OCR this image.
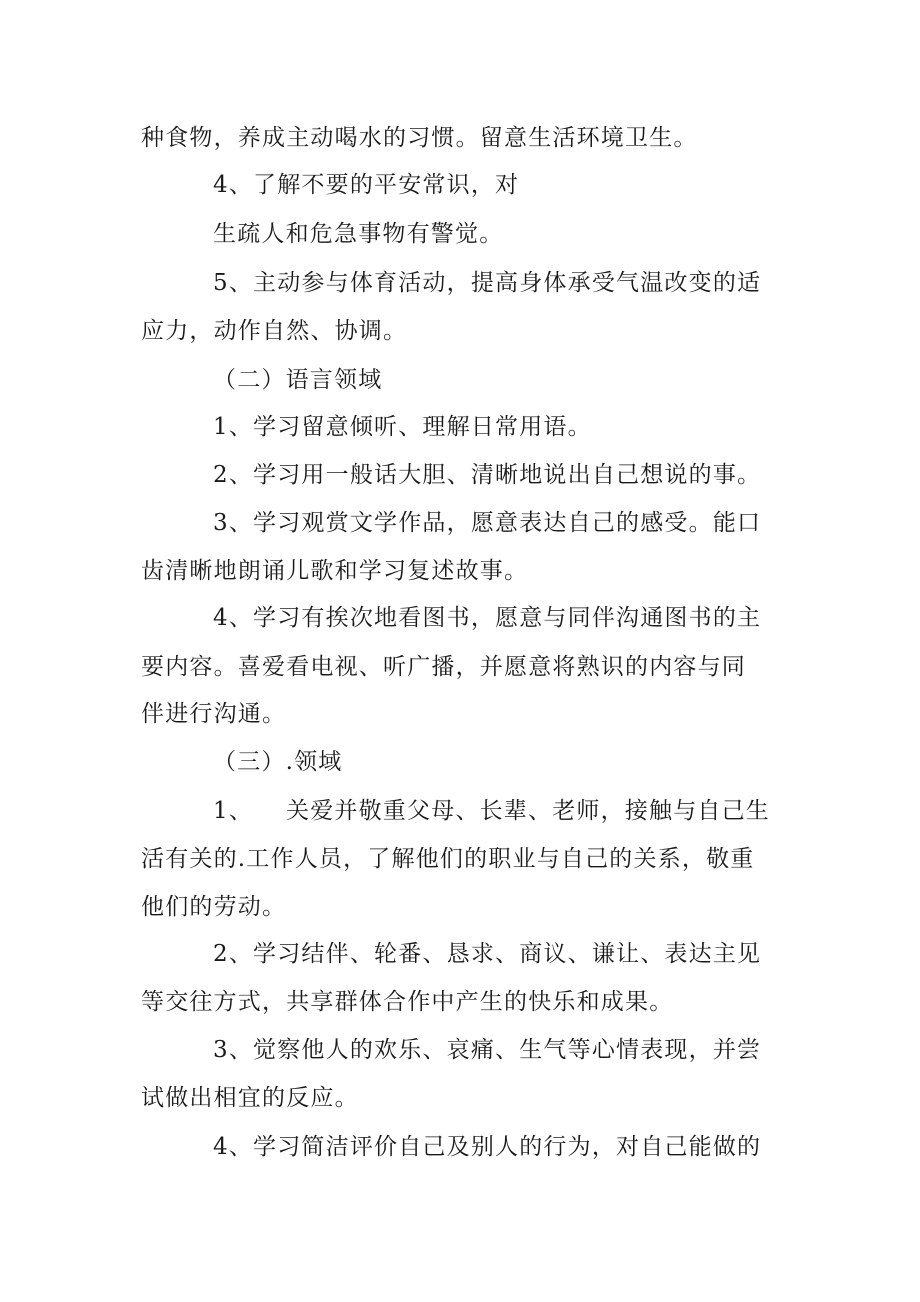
种食物，养成主动喝水的习惯。留意生活环境卫生。
4、了解不要的平安常识，对
生疏人和危急事物有警觉。
5、主动参与体育活动，提高身体承受气温改变的适
应力，动作自然、协调。
（二）语言领域
1、学习留意倾听、理解日常用语。
2、学习用一般话大胆、清晰地说出自己想说的事。
3、学习观赏文学作品，愿意表达自己的感受。能口
齿清晰地朗诵儿歌和学习复述故事。
4、学习有挨次地看图书，愿意与同伴沟通图书的主
要内容。喜爱看电视、听广播，并愿意将熟识的内容与同
伴进行沟通。
（三）.领域
1、 关爱并敬重父母、长辈、老师，接触与自己生
活有关的.工作人员，了解他们的职业与自己的关系，敬重
他们的劳动。
2、学习结伴、轮番、恳求、商议、谦让、表达主见
等交往方式，共享群体合作中产生的快乐和成果。
3、觉察他人的欢乐、哀痛、生气等心情表现，并尝
试做出相宜的反应。
4、学习简洁评价自己及别人的行为，对自己能做的
